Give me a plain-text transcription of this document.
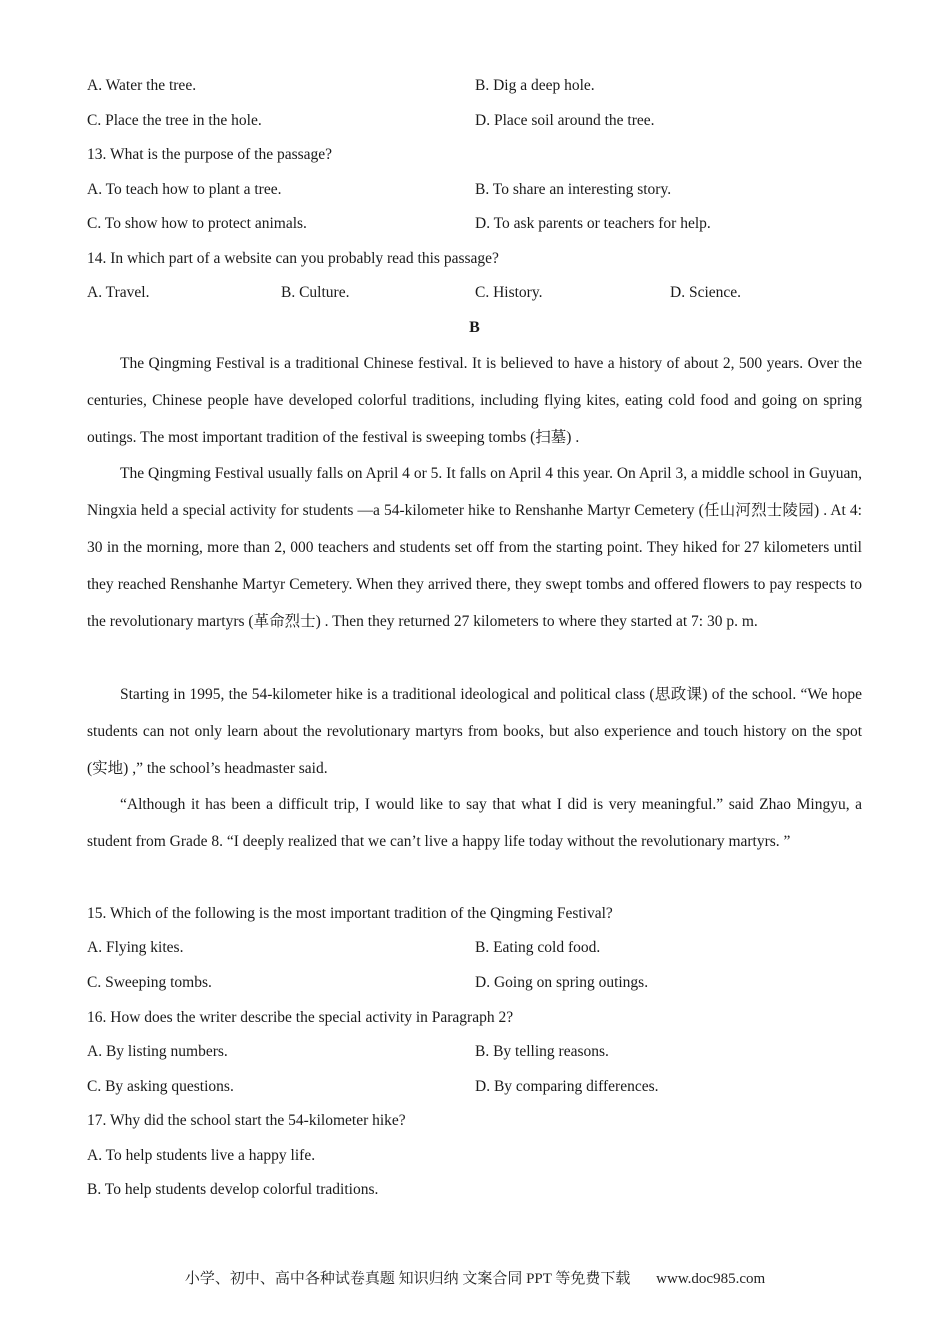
A. Water the tree.	B. Dig a deep hole.
C. Place the tree in the hole.	D. Place soil around the tree.
13. What is the purpose of the passage?
A. To teach how to plant a tree.	B. To share an interesting story.
C. To show how to protect animals.	D. To ask parents or teachers for help.
14. In which part of a website can you probably read this passage?
A. Travel.	B. Culture.	C. History.	D. Science.
B
The Qingming Festival is a traditional Chinese festival. It is believed to have a history of about 2, 500 years. Over the centuries, Chinese people have developed colorful traditions, including flying kites, eating cold food and going on spring outings. The most important tradition of the festival is sweeping tombs (扫墓) .
The Qingming Festival usually falls on April 4 or 5. It falls on April 4 this year. On April 3, a middle school in Guyuan, Ningxia held a special activity for students —a 54-kilometer hike to Renshanhe Martyr Cemetery (任山河烈士陵园) . At 4: 30 in the morning, more than 2, 000 teachers and students set off from the starting point. They hiked for 27 kilometers until they reached Renshanhe Martyr Cemetery. When they arrived there, they swept tombs and offered flowers to pay respects to the revolutionary martyrs (革命烈士) . Then they returned 27 kilometers to where they started at 7: 30 p. m.
Starting in 1995, the 54-kilometer hike is a traditional ideological and political class (思政课) of the school. “We hope students can not only learn about the revolutionary martyrs from books, but also experience and touch history on the spot (实地) ,” the school’s headmaster said.
“Although it has been a difficult trip, I would like to say that what I did is very meaningful.” said Zhao Mingyu, a student from Grade 8. “I deeply realized that we can’t live a happy life today without the revolutionary martyrs. ”
15. Which of the following is the most important tradition of the Qingming Festival?
A. Flying kites.	B. Eating cold food.
C. Sweeping tombs.	D. Going on spring outings.
16. How does the writer describe the special activity in Paragraph 2?
A. By listing numbers.	B. By telling reasons.
C. By asking questions.	D. By comparing differences.
17. Why did the school start the 54-kilometer hike?
A. To help students live a happy life.
B. To help students develop colorful traditions.
小学、初中、高中各种试卷真题 知识归纳 文案合同 PPT 等免费下载 www.doc985.com
